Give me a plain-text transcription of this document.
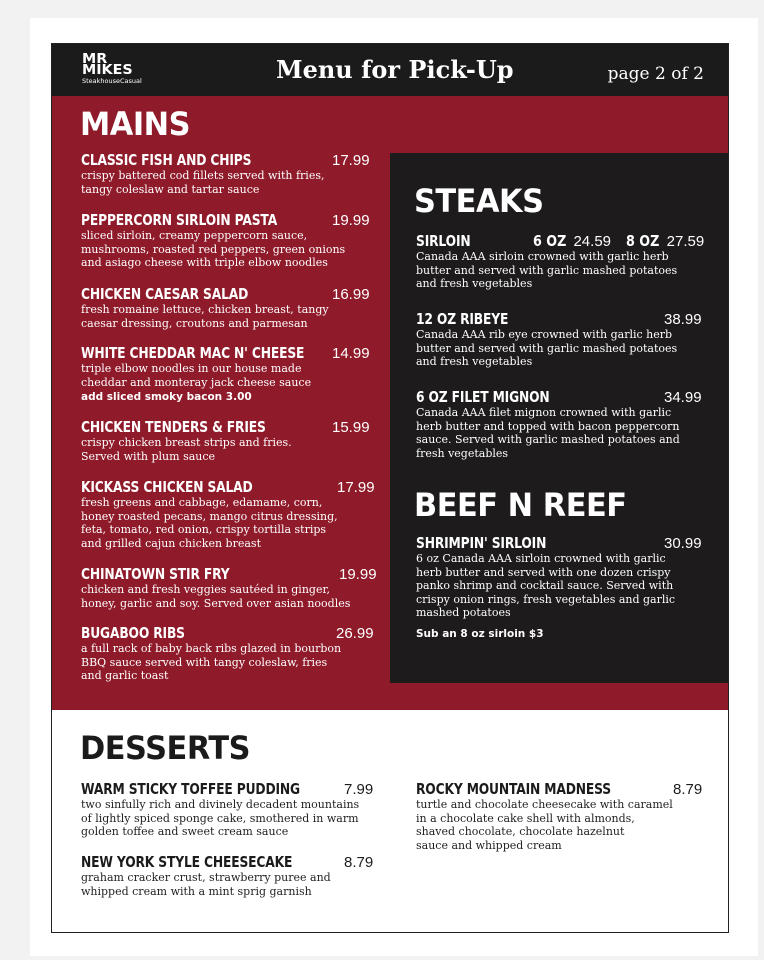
MR
MIKES
SteakhouseCasual	Menu for Pick-Up	page 2 of 2
MAINS
CLASSIC FISH AND CHIPS	17.99
crispy battered cod fillets served with fries,
tangy coleslaw and tartar sauce
PEPPERCORN SIRLOIN PASTA	19.99
sliced sirloin, creamy peppercorn sauce,
mushrooms, roasted red peppers, green onions
and asiago cheese with triple elbow noodles
CHICKEN CAESAR SALAD	16.99
fresh romaine lettuce, chicken breast, tangy
caesar dressing, croutons and parmesan
WHITE CHEDDAR MAC N' CHEESE	14.99
triple elbow noodles in our house made
cheddar and monteray jack cheese sauce
add sliced smoky bacon 3.00
CHICKEN TENDERS & FRIES	15.99
crispy chicken breast strips and fries.
Served with plum sauce
KICKASS CHICKEN SALAD	17.99
fresh greens and cabbage, edamame, corn,
honey roasted pecans, mango citrus dressing,
feta, tomato, red onion, crispy tortilla strips
and grilled cajun chicken breast
CHINATOWN STIR FRY	19.99
chicken and fresh veggies sautéed in ginger,
honey, garlic and soy. Served over asian noodles
BUGABOO RIBS	26.99
a full rack of baby back ribs glazed in bourbon
BBQ sauce served with tangy coleslaw, fries
and garlic toast
STEAKS
SIRLOIN	6 OZ 24.59 8 OZ 27.59
Canada AAA sirloin crowned with garlic herb
butter and served with garlic mashed potatoes
and fresh vegetables
12 OZ RIBEYE	38.99
Canada AAA rib eye crowned with garlic herb
butter and served with garlic mashed potatoes
and fresh vegetables
6 OZ FILET MIGNON	34.99
Canada AAA filet mignon crowned with garlic
herb butter and topped with bacon peppercorn
sauce. Served with garlic mashed potatoes and
fresh vegetables
BEEF N REEF
SHRIMPIN' SIRLOIN	30.99
6 oz Canada AAA sirloin crowned with garlic
herb butter and served with one dozen crispy
panko shrimp and cocktail sauce. Served with
crispy onion rings, fresh vegetables and garlic
mashed potatoes
Sub an 8 oz sirloin $3
DESSERTS
WARM STICKY TOFFEE PUDDING	7.99
two sinfully rich and divinely decadent mountains
of lightly spiced sponge cake, smothered in warm
golden toffee and sweet cream sauce
NEW YORK STYLE CHEESECAKE	8.79
graham cracker crust, strawberry puree and
whipped cream with a mint sprig garnish
ROCKY MOUNTAIN MADNESS	8.79
turtle and chocolate cheesecake with caramel
in a chocolate cake shell with almonds,
shaved chocolate, chocolate hazelnut
sauce and whipped cream
